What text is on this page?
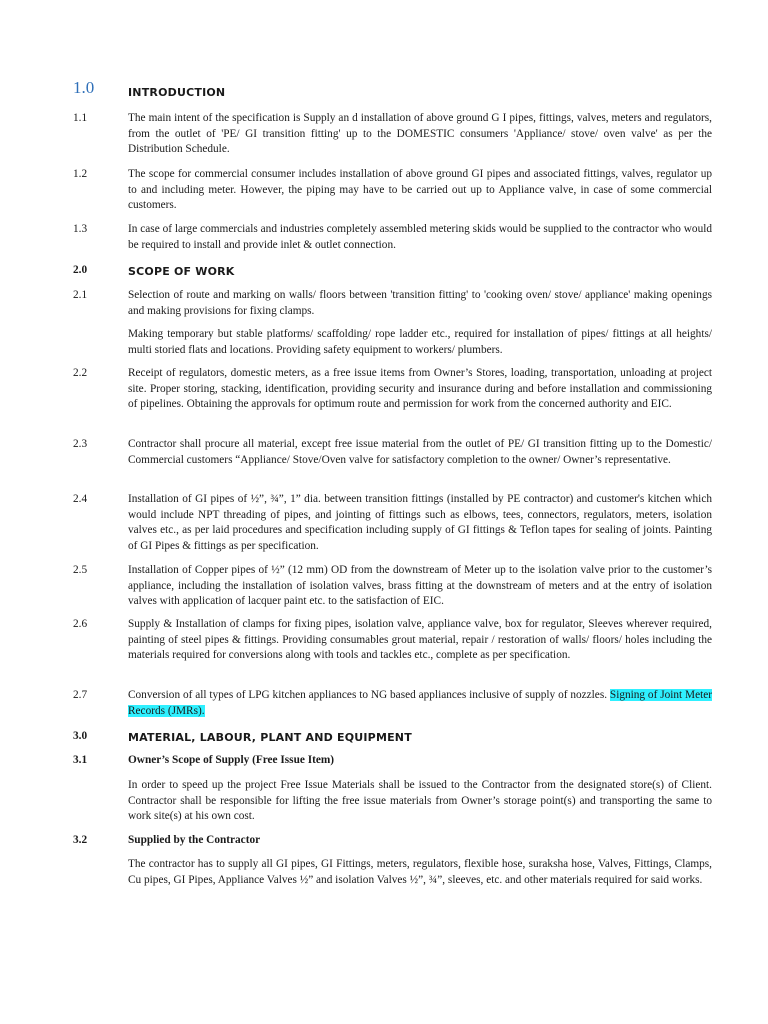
1.0	INTRODUCTION
1.1	The main intent of the specification is Supply an d installation of above ground G I pipes, fittings, valves, meters and regulators, from the outlet of 'PE/ GI transition fitting' up to the DOMESTIC consumers 'Appliance/ stove/ oven valve' as per the Distribution Schedule.

1.2	The scope for commercial consumer includes installation of above ground GI pipes and associated fittings, valves, regulator up to and including meter. However, the piping may have to be carried out up to Appliance valve, in case of some commercial customers.

1.3	In case of large commercials and industries completely assembled metering skids would be supplied to the contractor who would be required to install and provide inlet & outlet connection.

2.0	SCOPE OF WORK
2.1	Selection of route and marking on walls/ floors between 'transition fitting' to 'cooking oven/ stove/ appliance' making openings and making provisions for fixing clamps.

Making temporary but stable platforms/ scaffolding/ rope ladder etc., required for installation of pipes/ fittings at all heights/ multi storied flats and locations. Providing safety equipment to workers/ plumbers.

2.2	Receipt of regulators, domestic meters, as a free issue items from Owner’s Stores, loading, transportation, unloading at project site. Proper storing, stacking, identification, providing security and insurance during and before installation and commissioning of pipelines. Obtaining the approvals for optimum route and permission for work from the concerned authority and EIC.

2.3	Contractor shall procure all material, except free issue material from the outlet of PE/ GI transition fitting up to the Domestic/ Commercial customers “Appliance/ Stove/Oven valve for satisfactory completion to the owner/ Owner’s representative.

2.4	Installation of GI pipes of ½”, ¾”, 1” dia. between transition fittings (installed by PE contractor) and customer's kitchen which would include NPT threading of pipes, and jointing of fittings such as elbows, tees, connectors, regulators, meters, isolation valves etc., as per laid procedures and specification including supply of GI fittings & Teflon tapes for sealing of joints. Painting of GI Pipes & fittings as per specification.

2.5	Installation of Copper pipes of ½” (12 mm) OD from the downstream of Meter up to the isolation valve prior to the customer’s appliance, including the installation of isolation valves, brass fitting at the downstream of meters and at the entry of isolation valves with application of lacquer paint etc. to the satisfaction of EIC.

2.6	Supply & Installation of clamps for fixing pipes, isolation valve, appliance valve, box for regulator, Sleeves wherever required, painting of steel pipes & fittings. Providing consumables grout material, repair / restoration of walls/ floors/ holes including the materials required for conversions along with tools and tackles etc., complete as per specification.

2.7	Conversion of all types of LPG kitchen appliances to NG based appliances inclusive of supply of nozzles. Signing of Joint Meter Records (JMRs).

3.0	MATERIAL, LABOUR, PLANT AND EQUIPMENT
3.1	Owner’s Scope of Supply (Free Issue Item)

In order to speed up the project Free Issue Materials shall be issued to the Contractor from the designated store(s) of Client. Contractor shall be responsible for lifting the free issue materials from Owner’s storage point(s) and transporting the same to work site(s) at his own cost.

3.2	Supplied by the Contractor

The contractor has to supply all GI pipes, GI Fittings, meters, regulators, flexible hose, suraksha hose, Valves, Fittings, Clamps, Cu pipes, GI Pipes, Appliance Valves ½” and isolation Valves ½”, ¾”, sleeves, etc. and other materials required for said works.
